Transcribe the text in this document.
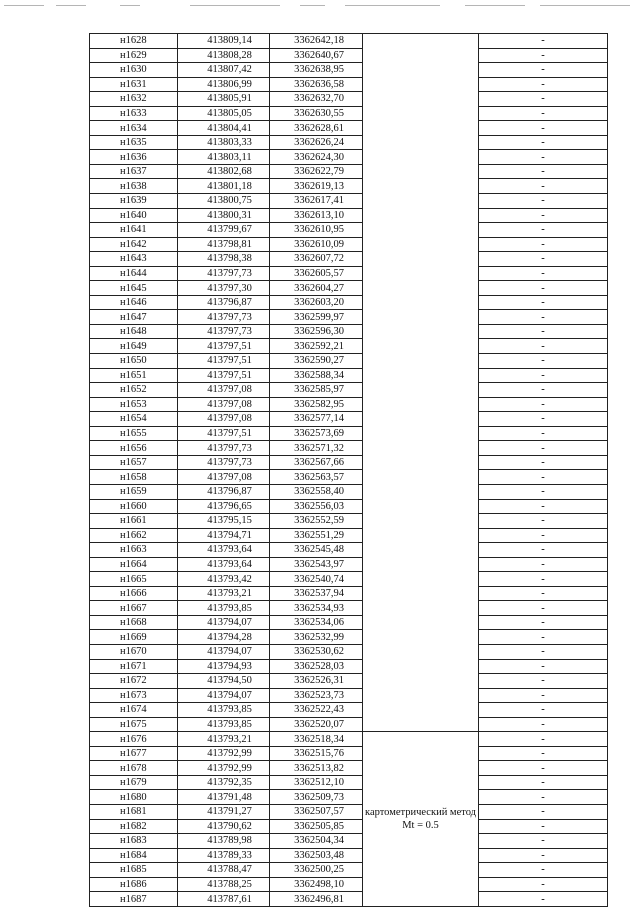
н1628	413809,14	3362642,18		-
н1629	413808,28	3362640,67		-
н1630	413807,42	3362638,95		-
н1631	413806,99	3362636,58		-
н1632	413805,91	3362632,70		-
н1633	413805,05	3362630,55		-
н1634	413804,41	3362628,61		-
н1635	413803,33	3362626,24		-
н1636	413803,11	3362624,30		-
н1637	413802,68	3362622,79		-
н1638	413801,18	3362619,13		-
н1639	413800,75	3362617,41		-
н1640	413800,31	3362613,10		-
н1641	413799,67	3362610,95		-
н1642	413798,81	3362610,09		-
н1643	413798,38	3362607,72		-
н1644	413797,73	3362605,57		-
н1645	413797,30	3362604,27		-
н1646	413796,87	3362603,20		-
н1647	413797,73	3362599,97		-
н1648	413797,73	3362596,30		-
н1649	413797,51	3362592,21		-
н1650	413797,51	3362590,27		-
н1651	413797,51	3362588,34		-
н1652	413797,08	3362585,97		-
н1653	413797,08	3362582,95		-
н1654	413797,08	3362577,14		-
н1655	413797,51	3362573,69		-
н1656	413797,73	3362571,32		-
н1657	413797,73	3362567,66		-
н1658	413797,08	3362563,57		-
н1659	413796,87	3362558,40		-
н1660	413796,65	3362556,03		-
н1661	413795,15	3362552,59		-
н1662	413794,71	3362551,29		-
н1663	413793,64	3362545,48		-
н1664	413793,64	3362543,97		-
н1665	413793,42	3362540,74		-
н1666	413793,21	3362537,94		-
н1667	413793,85	3362534,93		-
н1668	413794,07	3362534,06		-
н1669	413794,28	3362532,99		-
н1670	413794,07	3362530,62		-
н1671	413794,93	3362528,03		-
н1672	413794,50	3362526,31		-
н1673	413794,07	3362523,73		-
н1674	413793,85	3362522,43		-
н1675	413793,85	3362520,07		-
н1676	413793,21	3362518,34	картометрический метод Mt = 0.5	-
н1677	413792,99	3362515,76		-
н1678	413792,99	3362513,82		-
н1679	413792,35	3362512,10		-
н1680	413791,48	3362509,73		-
н1681	413791,27	3362507,57		-
н1682	413790,62	3362505,85		-
н1683	413789,98	3362504,34		-
н1684	413789,33	3362503,48		-
н1685	413788,47	3362500,25		-
н1686	413788,25	3362498,10		-
н1687	413787,61	3362496,81		-
